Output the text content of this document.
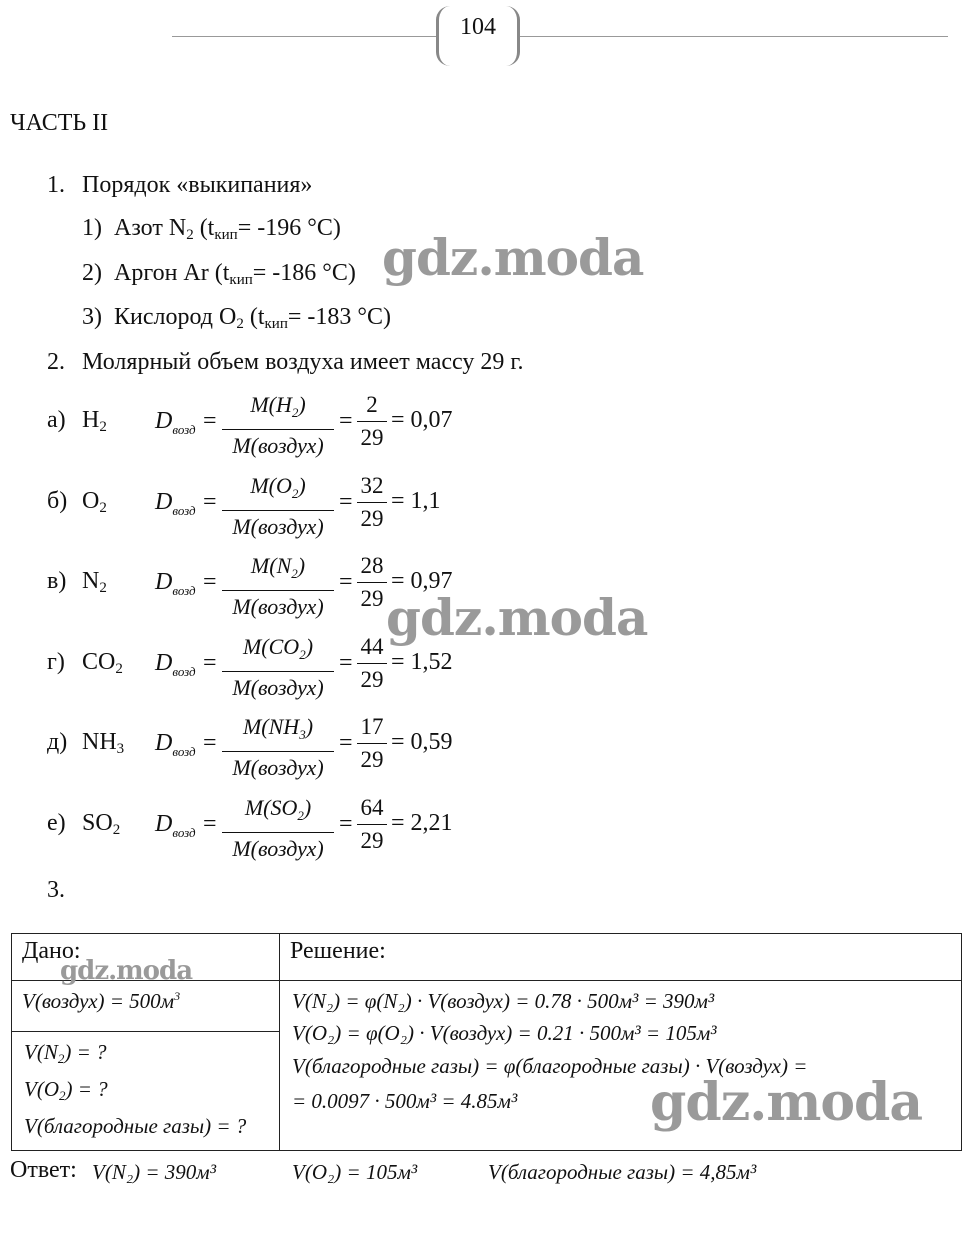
104
ЧАСТЬ II
1. Порядок «выкипания»
1) Азот $N_2$ ($t_{кип}= -196$ °C)
2) Аргон Ar ($t_{кип}= -186$ °C)
3) Кислород $O_2$ ($t_{кип}= -183$ °C)
2. Молярный объем воздуха имеет массу 29 г.
а) $H_2$ $D_{возд}$ =
$M(H_2)$
M(воздух)
=
2
29
= 0,07
б) $O_2$ $D_{возд}$ =
$M(O_2)$
M(воздух)
=
32
29
= 1,1
в) $N_2$ $D_{возд}$ =
$M(N_2)$
M(воздух)
=
28
29
= 0,97
г) $CO_2$ $D_{возд}$ =
$M(CO_2)$
M(воздух)
=
44
29
= 1,52
д) $NH_3$ $D_{возд}$ =
$M(NH_3)$
M(воздух)
=
17
29
= 0,59
е) $SO_2$ $D_{возд}$ =
$M(SO_2)$
M(воздух)
=
64
29
= 2,21
3.
Дано:	Решение:

V(воздух) = $500м^3$	V(N₂) = φ(N₂) · V(воздух) = 0.78 · 500м³ = 390м³
V(O₂) = φ(O₂) · V(воздух) = 0.21 · 500м³ = 105м³
V(благородные газы) = φ(благородные газы) · V(воздух) =
= 0.0097 · 500м³ = 4.85м³

$V(N_2)$ = ?
$V(O_2)$ = ?
V(благородные газы) = ?	
Ответ: V(N₂) = 390м³	V(O₂) = 105м³	V(благородные газы) = 4,85м³
gdz.moda
gdz.moda
gdz.moda
gdz.moda
